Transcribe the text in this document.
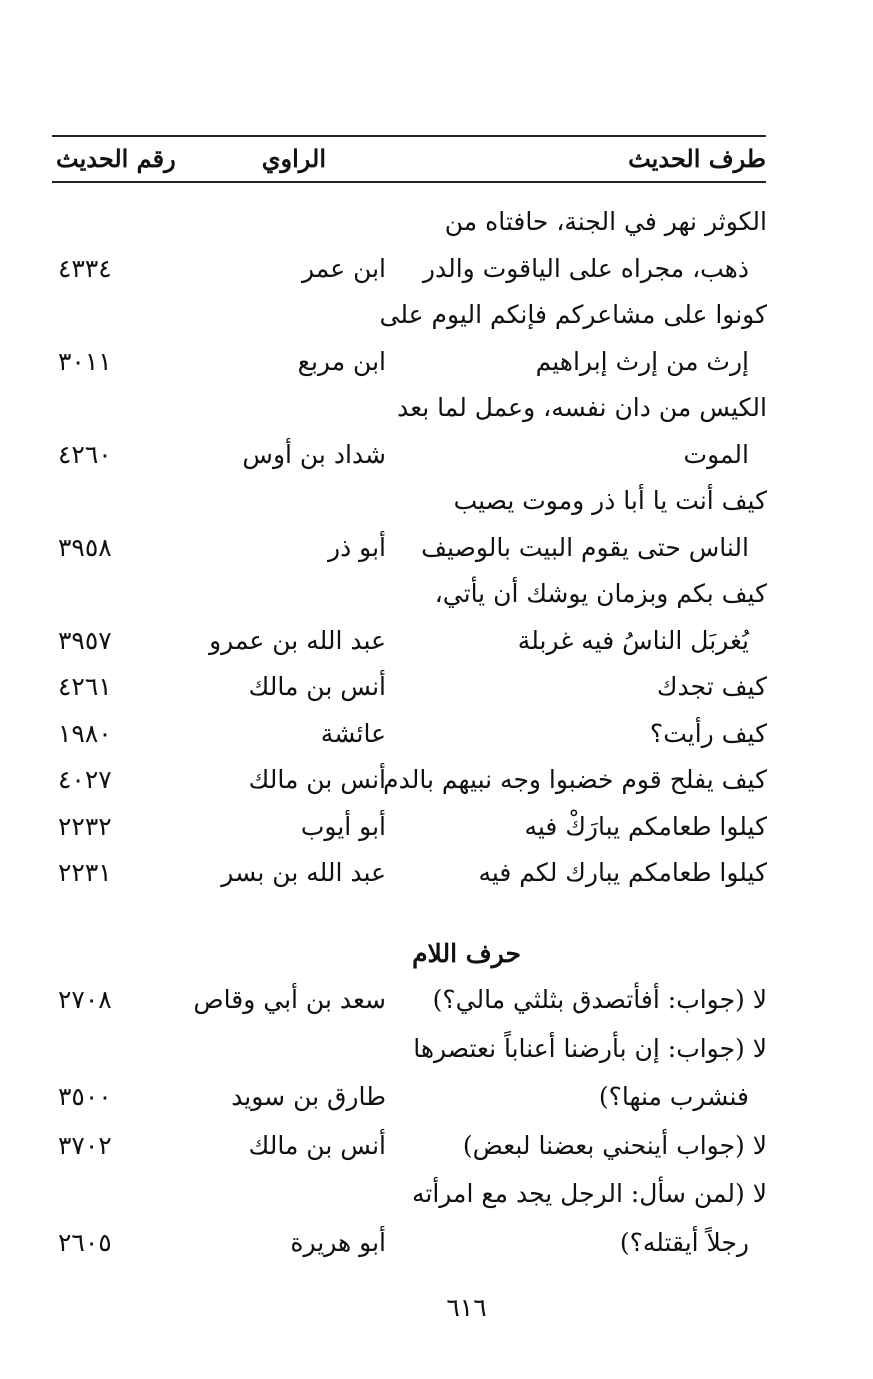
طرف الحديث
الراوي
رقم الحديث
الكوثر نهر في الجنة، حافتاه من
ذهب، مجراه على الياقوت والدر
ابن عمر
٤٣٣٤
كونوا على مشاعركم فإنكم اليوم على
إرث من إرث إبراهيم
ابن مربع
٣٠١١
الكيس من دان نفسه، وعمل لما بعد
الموت
شداد بن أوس
٤٢٦٠
كيف أنت يا أبا ذر وموت يصيب
الناس حتى يقوم البيت بالوصيف
أبو ذر
٣٩٥٨
كيف بكم وبزمان يوشك أن يأتي،
يُغربَل الناسُ فيه غربلة
عبد الله بن عمرو
٣٩٥٧
كيف تجدك
أنس بن مالك
٤٢٦١
كيف رأيت؟
عائشة
١٩٨٠
كيف يفلح قوم خضبوا وجه نبيهم بالدم
أنس بن مالك
٤٠٢٧
كيلوا طعامكم يبارَكْ فيه
أبو أيوب
٢٢٣٢
كيلوا طعامكم يبارك لكم فيه
عبد الله بن بسر
٢٢٣١
حرف اللام
لا (جواب: أفأتصدق بثلثي مالي؟)
سعد بن أبي وقاص
٢٧٠٨
لا (جواب: إن بأرضنا أعناباً نعتصرها
فنشرب منها؟)
طارق بن سويد
٣٥٠٠
لا (جواب أينحني بعضنا لبعض)
أنس بن مالك
٣٧٠٢
لا (لمن سأل: الرجل يجد مع امرأته
رجلاً أيقتله؟)
أبو هريرة
٢٦٠٥
٦١٦
